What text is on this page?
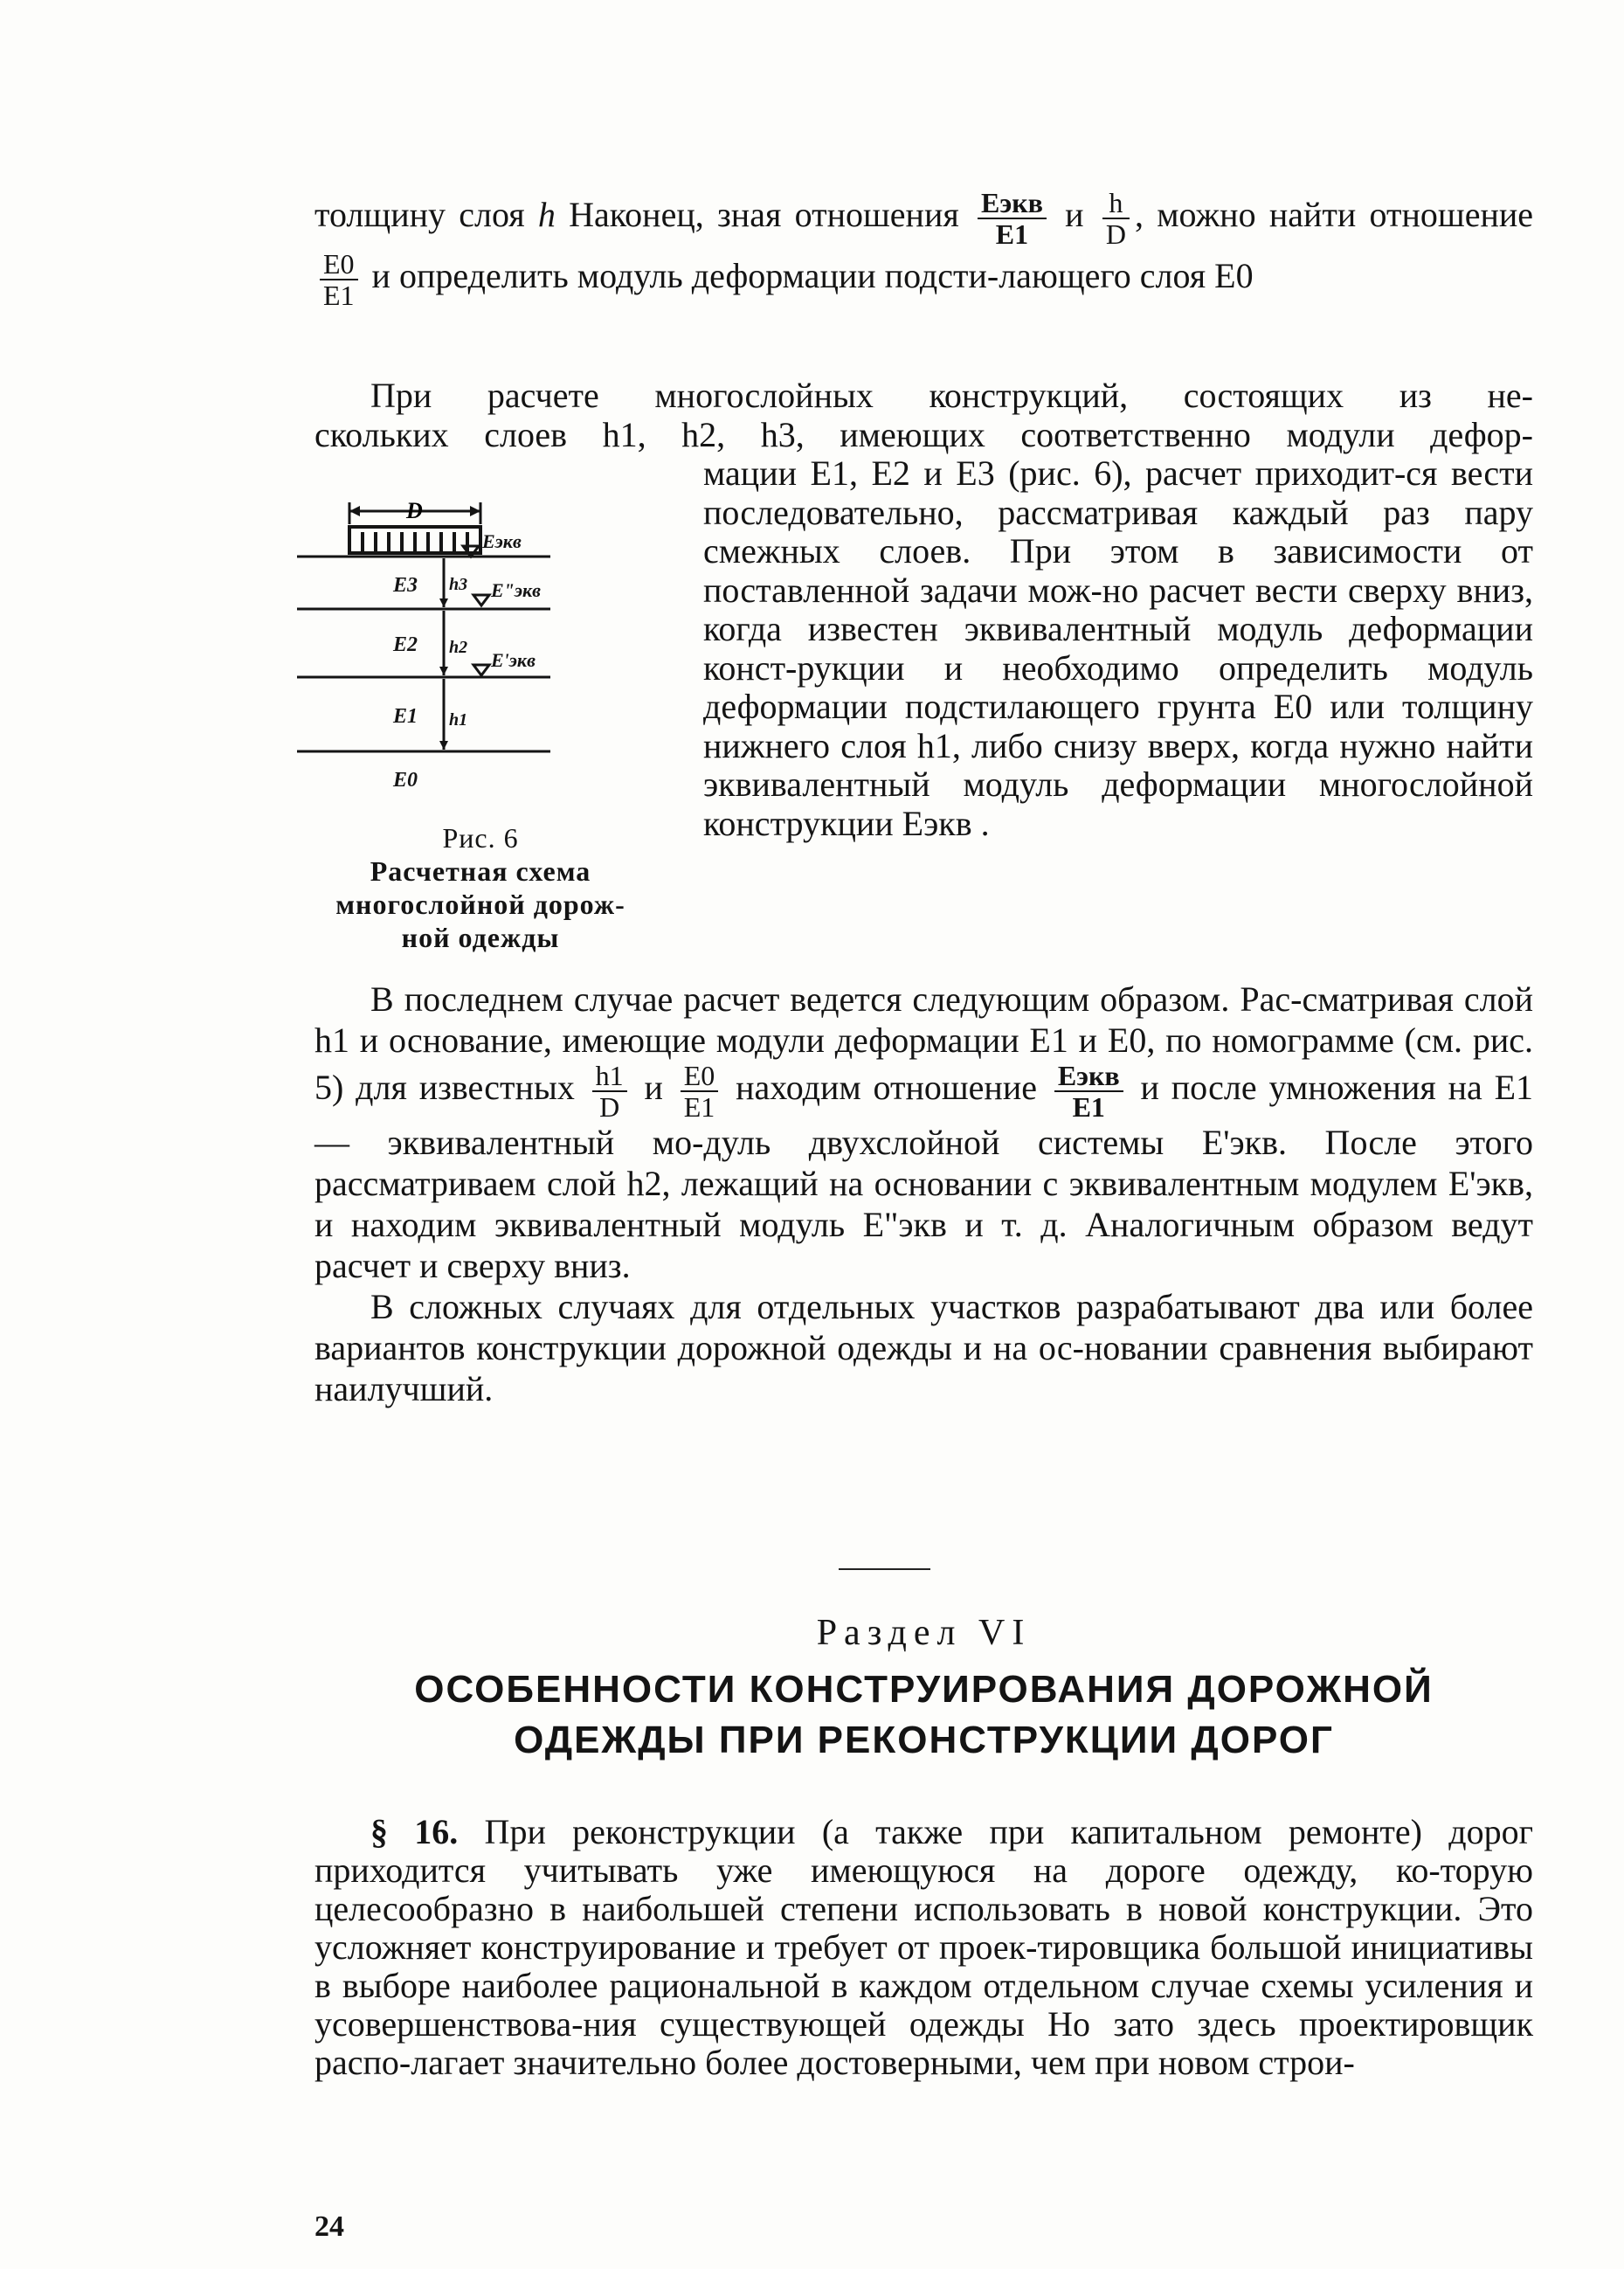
толщину слоя h Наконец, зная отношения $\frac{\text{Eэкв}}{E1}$ и $\frac{h}{D}$ , можно найти отношение
$\frac{E0}{E1}$ и определить модуль деформации подсти-лающего слоя E0

При расчете многослойных конструкций, состоящих из не-

скольких слоев h1, h2, h3, имеющих соответственно модули дефор-

мации E1, E2 и E3 (рис. 6), расчет приходит-ся вести последовательно, рассматривая каждый раз пару смежных слоев. При этом в зависимости от поставленной задачи мож-но расчет вести сверху вниз, когда известен эквивалентный модуль деформации конст-рукции и необходимо определить модуль деформации подстилающего грунта E0 или толщину нижнего слоя h1, либо снизу вверх, когда нужно найти эквивалентный модуль деформации многослойной конструкции Eэкв .

D
Eэкв
E"экв
E'экв
E3
E2
E1
E0
h3
h2
h1
Рис. 6
Расчетная схема
многослойной дорож-
ной одежды

В последнем случае расчет ведется следующим образом. Рас-сматривая слой h1 и основание, имеющие модули деформации E1 и E0, по номограмме (см. рис. 5) для известных $\frac{h1}{D}$ и $\frac{E0}{E1}$ находим отношение $\frac{\text{Eэкв}}{E1}$ и после умножения на E1 — эквивалентный мо-дуль двухслойной системы E'экв. После этого рассматриваем слой h2, лежащий на основании с эквивалентным модулем E'экв, и находим эквивалентный модуль E"экв и т. д. Аналогичным образом ведут расчет и сверху вниз.

В сложных случаях для отдельных участков разрабатывают два или более вариантов конструкции дорожной одежды и на ос-новании сравнения выбирают наилучший.

Раздел VI
ОСОБЕННОСТИ КОНСТРУИРОВАНИЯ ДОРОЖНОЙ
ОДЕЖДЫ ПРИ РЕКОНСТРУКЦИИ ДОРОГ

§ 16. При реконструкции (а также при капитальном ремонте) дорог приходится учитывать уже имеющуюся на дороге одежду, ко-торую целесообразно в наибольшей степени использовать в новой конструкции. Это усложняет конструирование и требует от проек-тировщика большой инициативы в выборе наиболее рациональной в каждом отдельном случае схемы усиления и усовершенствова-ния существующей одежды Но зато здесь проектировщик распо-лагает значительно более достоверными, чем при новом строи-

24
